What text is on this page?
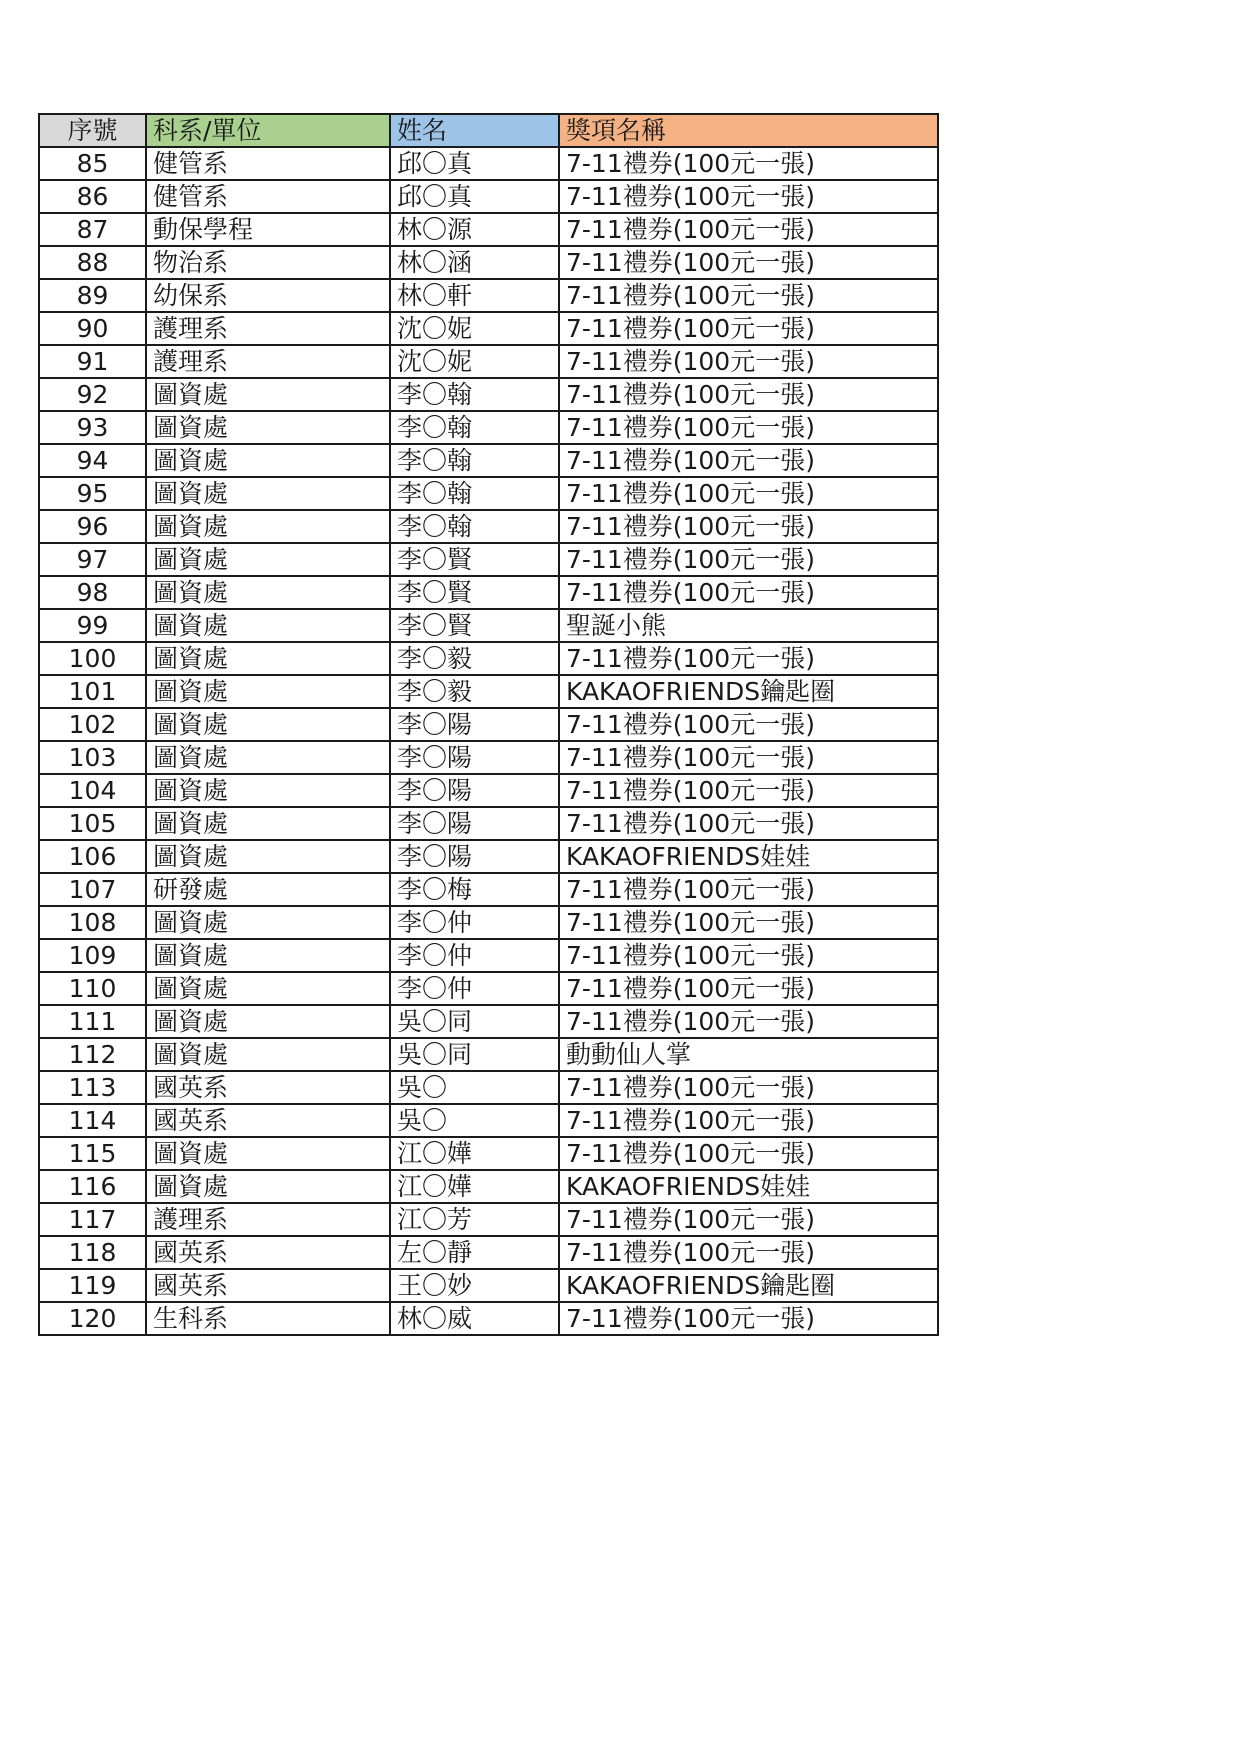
序號	科系/單位	姓名	獎項名稱
85	健管系	邱〇真	7-11禮券(100元一張)
86	健管系	邱〇真	7-11禮券(100元一張)
87	動保學程	林〇源	7-11禮券(100元一張)
88	物治系	林〇涵	7-11禮券(100元一張)
89	幼保系	林〇軒	7-11禮券(100元一張)
90	護理系	沈〇妮	7-11禮券(100元一張)
91	護理系	沈〇妮	7-11禮券(100元一張)
92	圖資處	李〇翰	7-11禮券(100元一張)
93	圖資處	李〇翰	7-11禮券(100元一張)
94	圖資處	李〇翰	7-11禮券(100元一張)
95	圖資處	李〇翰	7-11禮券(100元一張)
96	圖資處	李〇翰	7-11禮券(100元一張)
97	圖資處	李〇賢	7-11禮券(100元一張)
98	圖資處	李〇賢	7-11禮券(100元一張)
99	圖資處	李〇賢	聖誕小熊
100	圖資處	李〇毅	7-11禮券(100元一張)
101	圖資處	李〇毅	KAKAOFRIENDS鑰匙圈
102	圖資處	李〇陽	7-11禮券(100元一張)
103	圖資處	李〇陽	7-11禮券(100元一張)
104	圖資處	李〇陽	7-11禮券(100元一張)
105	圖資處	李〇陽	7-11禮券(100元一張)
106	圖資處	李〇陽	KAKAOFRIENDS娃娃
107	研發處	李〇梅	7-11禮券(100元一張)
108	圖資處	李〇仲	7-11禮券(100元一張)
109	圖資處	李〇仲	7-11禮券(100元一張)
110	圖資處	李〇仲	7-11禮券(100元一張)
111	圖資處	吳〇同	7-11禮券(100元一張)
112	圖資處	吳〇同	動動仙人掌
113	國英系	吳〇	7-11禮券(100元一張)
114	國英系	吳〇	7-11禮券(100元一張)
115	圖資處	江〇嬅	7-11禮券(100元一張)
116	圖資處	江〇嬅	KAKAOFRIENDS娃娃
117	護理系	江〇芳	7-11禮券(100元一張)
118	國英系	左〇靜	7-11禮券(100元一張)
119	國英系	王〇妙	KAKAOFRIENDS鑰匙圈
120	生科系	林〇威	7-11禮券(100元一張)
